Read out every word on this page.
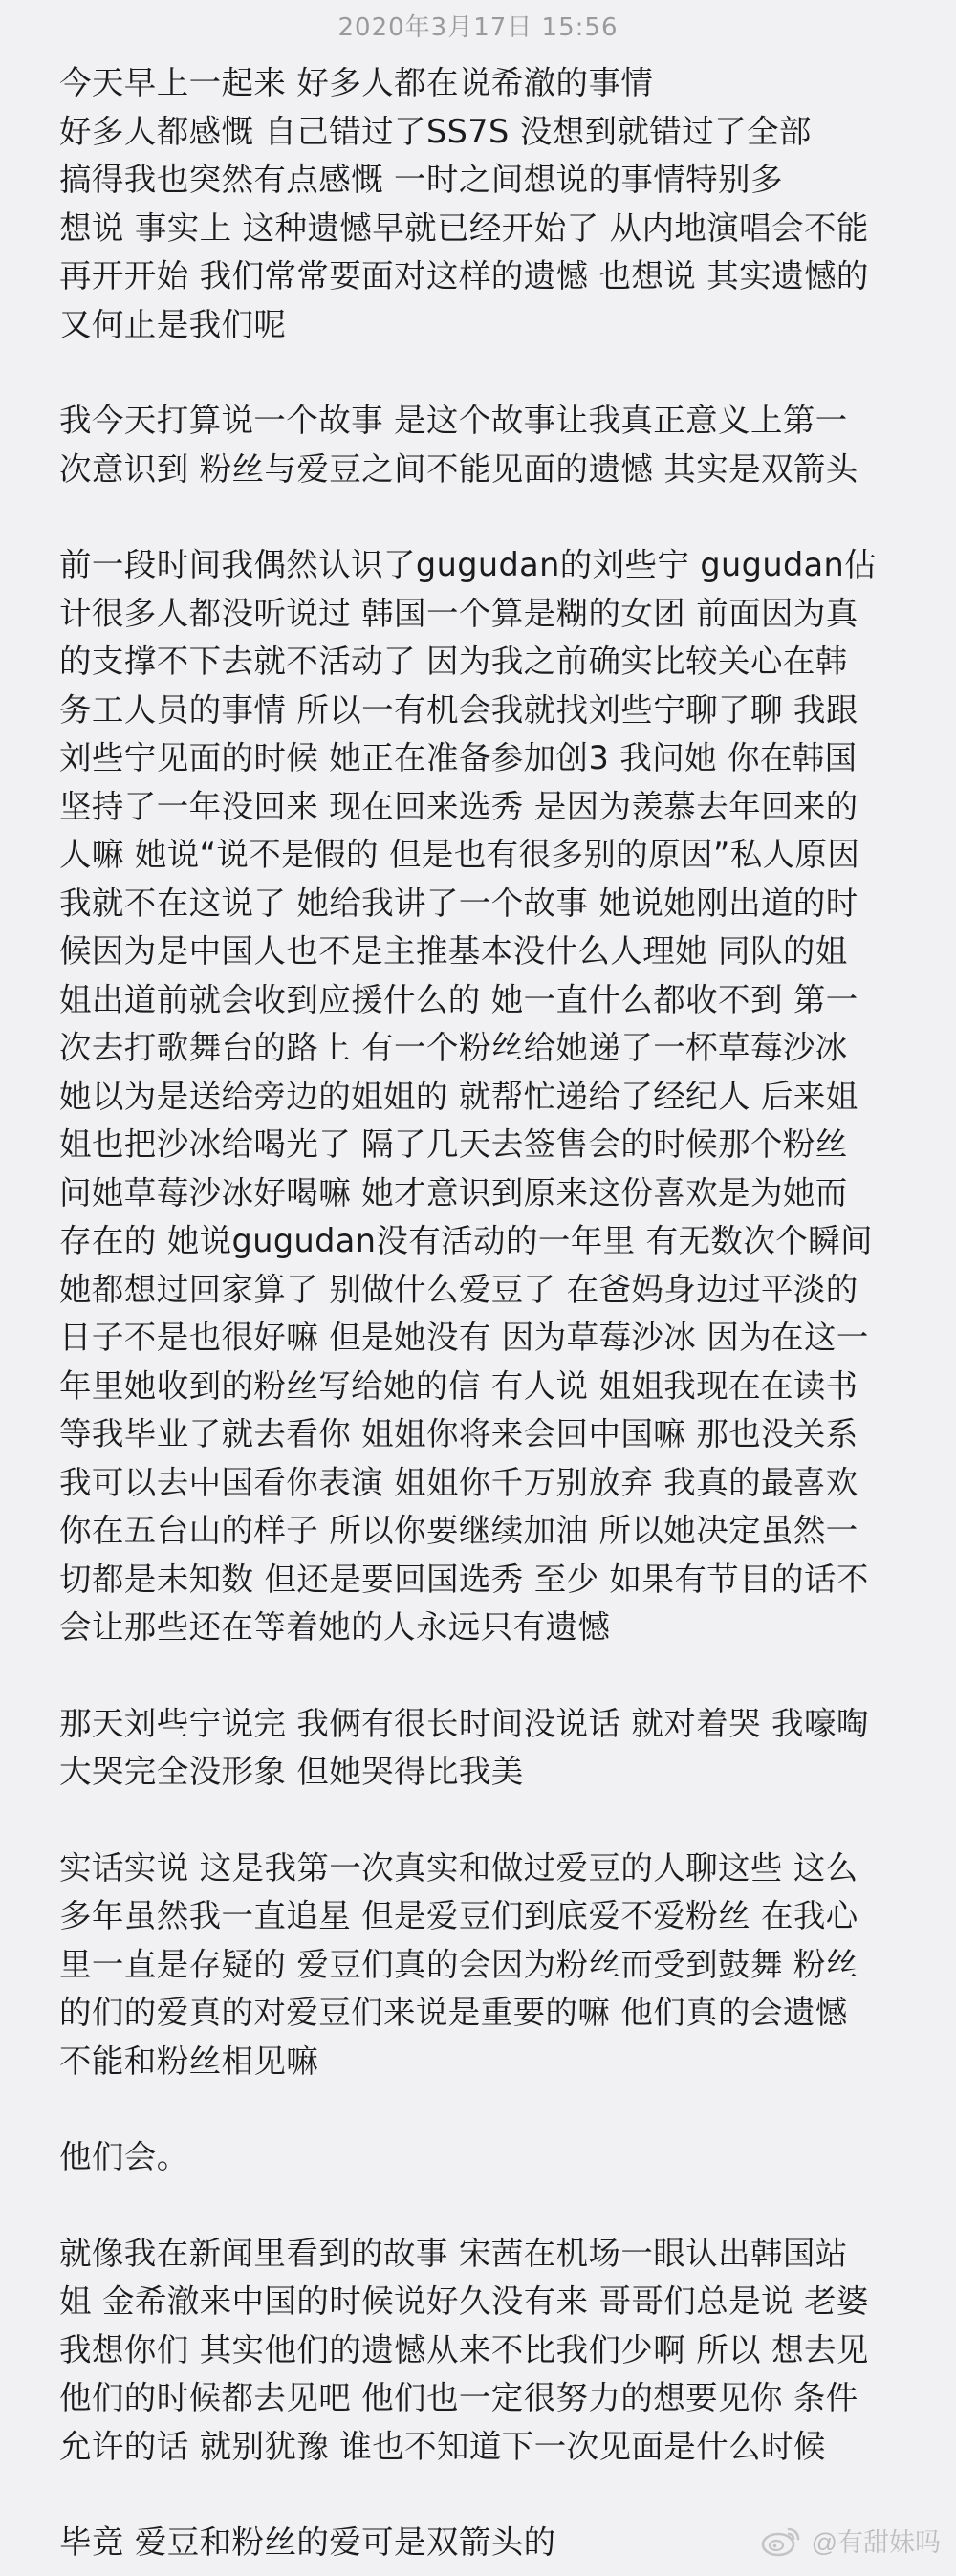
2020年3月17日 15:56

今天早上一起来 好多人都在说希澈的事情
好多人都感慨 自己错过了SS7S 没想到就错过了全部
搞得我也突然有点感慨 一时之间想说的事情特别多
想说 事实上 这种遗憾早就已经开始了 从内地演唱会不能
再开开始 我们常常要面对这样的遗憾 也想说 其实遗憾的
又何止是我们呢

我今天打算说一个故事 是这个故事让我真正意义上第一
次意识到 粉丝与爱豆之间不能见面的遗憾 其实是双箭头

前一段时间我偶然认识了gugudan的刘些宁 gugudan估
计很多人都没听说过 韩国一个算是糊的女团 前面因为真
的支撑不下去就不活动了 因为我之前确实比较关心在韩
务工人员的事情 所以一有机会我就找刘些宁聊了聊 我跟
刘些宁见面的时候 她正在准备参加创3 我问她 你在韩国
坚持了一年没回来 现在回来选秀 是因为羡慕去年回来的
人嘛 她说“说不是假的 但是也有很多别的原因”私人原因
我就不在这说了 她给我讲了一个故事 她说她刚出道的时
候因为是中国人也不是主推基本没什么人理她 同队的姐
姐出道前就会收到应援什么的 她一直什么都收不到 第一
次去打歌舞台的路上 有一个粉丝给她递了一杯草莓沙冰
她以为是送给旁边的姐姐的 就帮忙递给了经纪人 后来姐
姐也把沙冰给喝光了 隔了几天去签售会的时候那个粉丝
问她草莓沙冰好喝嘛 她才意识到原来这份喜欢是为她而
存在的 她说gugudan没有活动的一年里 有无数次个瞬间
她都想过回家算了 别做什么爱豆了 在爸妈身边过平淡的
日子不是也很好嘛 但是她没有 因为草莓沙冰 因为在这一
年里她收到的粉丝写给她的信 有人说 姐姐我现在在读书
等我毕业了就去看你 姐姐你将来会回中国嘛 那也没关系
我可以去中国看你表演 姐姐你千万别放弃 我真的最喜欢
你在五台山的样子 所以你要继续加油 所以她决定虽然一
切都是未知数 但还是要回国选秀 至少 如果有节目的话不
会让那些还在等着她的人永远只有遗憾

那天刘些宁说完 我俩有很长时间没说话 就对着哭 我嚎啕
大哭完全没形象 但她哭得比我美

实话实说 这是我第一次真实和做过爱豆的人聊这些 这么
多年虽然我一直追星 但是爱豆们到底爱不爱粉丝 在我心
里一直是存疑的 爱豆们真的会因为粉丝而受到鼓舞 粉丝
的们的爱真的对爱豆们来说是重要的嘛 他们真的会遗憾
不能和粉丝相见嘛

他们会。

就像我在新闻里看到的故事 宋茜在机场一眼认出韩国站
姐 金希澈来中国的时候说好久没有来 哥哥们总是说 老婆
我想你们 其实他们的遗憾从来不比我们少啊 所以 想去见
他们的时候都去见吧 他们也一定很努力的想要见你 条件
允许的话 就别犹豫 谁也不知道下一次见面是什么时候

毕竟 爱豆和粉丝的爱可是双箭头的	@有甜妹吗
